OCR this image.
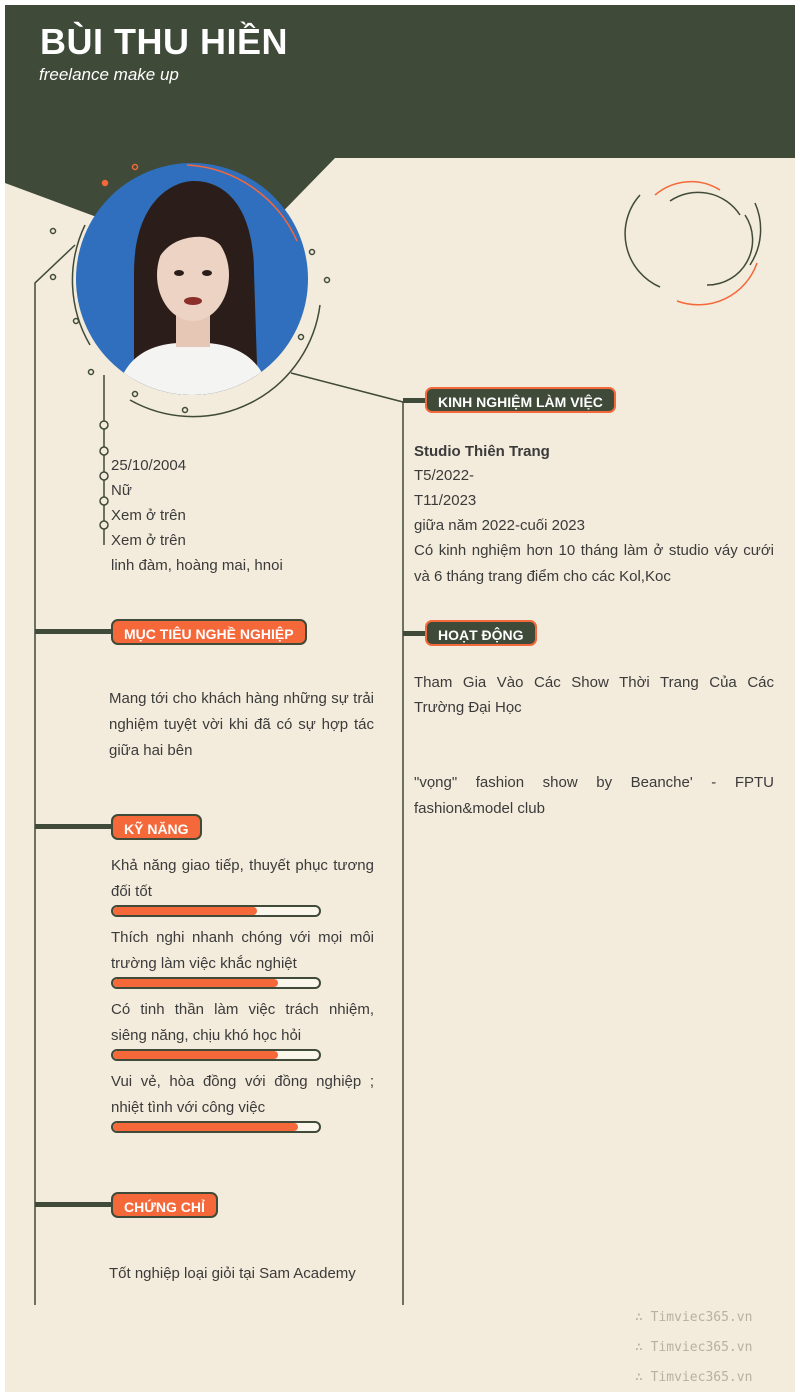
BÙI THU HIỀN
freelance make up
25/10/2004
Nữ
Xem ở trên
Xem ở trên
linh đàm, hoàng mai, hnoi
MỤC TIÊU NGHỀ NGHIỆP
Mang tới cho khách hàng những sự trải nghiệm tuyệt vời khi đã có sự hợp tác giữa hai bên
KỸ NĂNG
Khả năng giao tiếp, thuyết phục tương đối tốt
Thích nghi nhanh chóng với mọi môi trường làm việc khắc nghiệt
Có tinh thần làm việc trách nhiệm, siêng năng, chịu khó học hỏi
Vui vẻ, hòa đồng với đồng nghiệp ; nhiệt tình với công việc
CHỨNG CHỈ
Tốt nghiệp loại giỏi tại Sam Academy
KINH NGHIỆM LÀM VIỆC
Studio Thiên Trang
T5/2022-
T11/2023
giữa năm 2022-cuối 2023
Có kinh nghiệm hơn 10 tháng làm ở studio váy cưới và 6 tháng trang điểm cho các Kol,Koc
HOẠT ĐỘNG
Tham Gia Vào Các Show Thời Trang Của Các Trường Đại Học
"vọng" fashion show by Beanche' - FPTU fashion&model club
∴ Timviec365.vn
∴ Timviec365.vn
∴ Timviec365.vn
